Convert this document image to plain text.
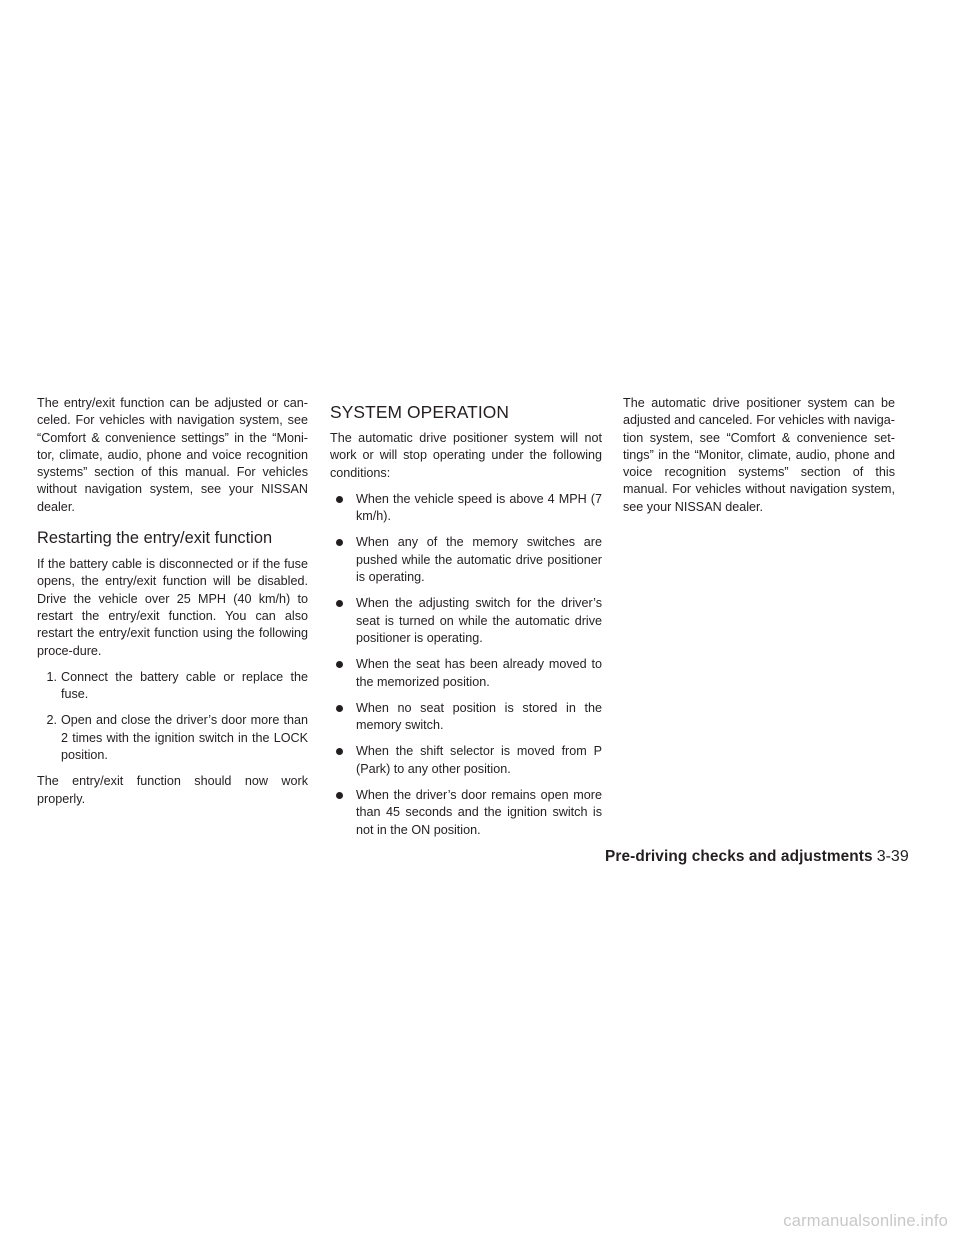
The entry/exit function can be adjusted or can-celed. For vehicles with navigation system, see “Comfort & convenience settings” in the “Moni-tor, climate, audio, phone and voice recognition systems” section of this manual. For vehicles without navigation system, see your NISSAN dealer.

Restarting the entry/exit function

If the battery cable is disconnected or if the fuse opens, the entry/exit function will be disabled. Drive the vehicle over 25 MPH (40 km/h) to restart the entry/exit function. You can also restart the entry/exit function using the following proce-dure.

1. Connect the battery cable or replace the fuse.
2. Open and close the driver’s door more than 2 times with the ignition switch in the LOCK position.

The entry/exit function should now work properly.

SYSTEM OPERATION

The automatic drive positioner system will not work or will stop operating under the following conditions:

When the vehicle speed is above 4 MPH (7 km/h).
When any of the memory switches are pushed while the automatic drive positioner is operating.
When the adjusting switch for the driver’s seat is turned on while the automatic drive positioner is operating.
When the seat has been already moved to the memorized position.
When no seat position is stored in the memory switch.
When the shift selector is moved from P (Park) to any other position.
When the driver’s door remains open more than 45 seconds and the ignition switch is not in the ON position.

The automatic drive positioner system can be adjusted and canceled. For vehicles with naviga-tion system, see “Comfort & convenience set-tings” in the “Monitor, climate, audio, phone and voice recognition systems” section of this manual. For vehicles without navigation system, see your NISSAN dealer.

Pre-driving checks and adjustments 3-39
carmanualsonline.info
